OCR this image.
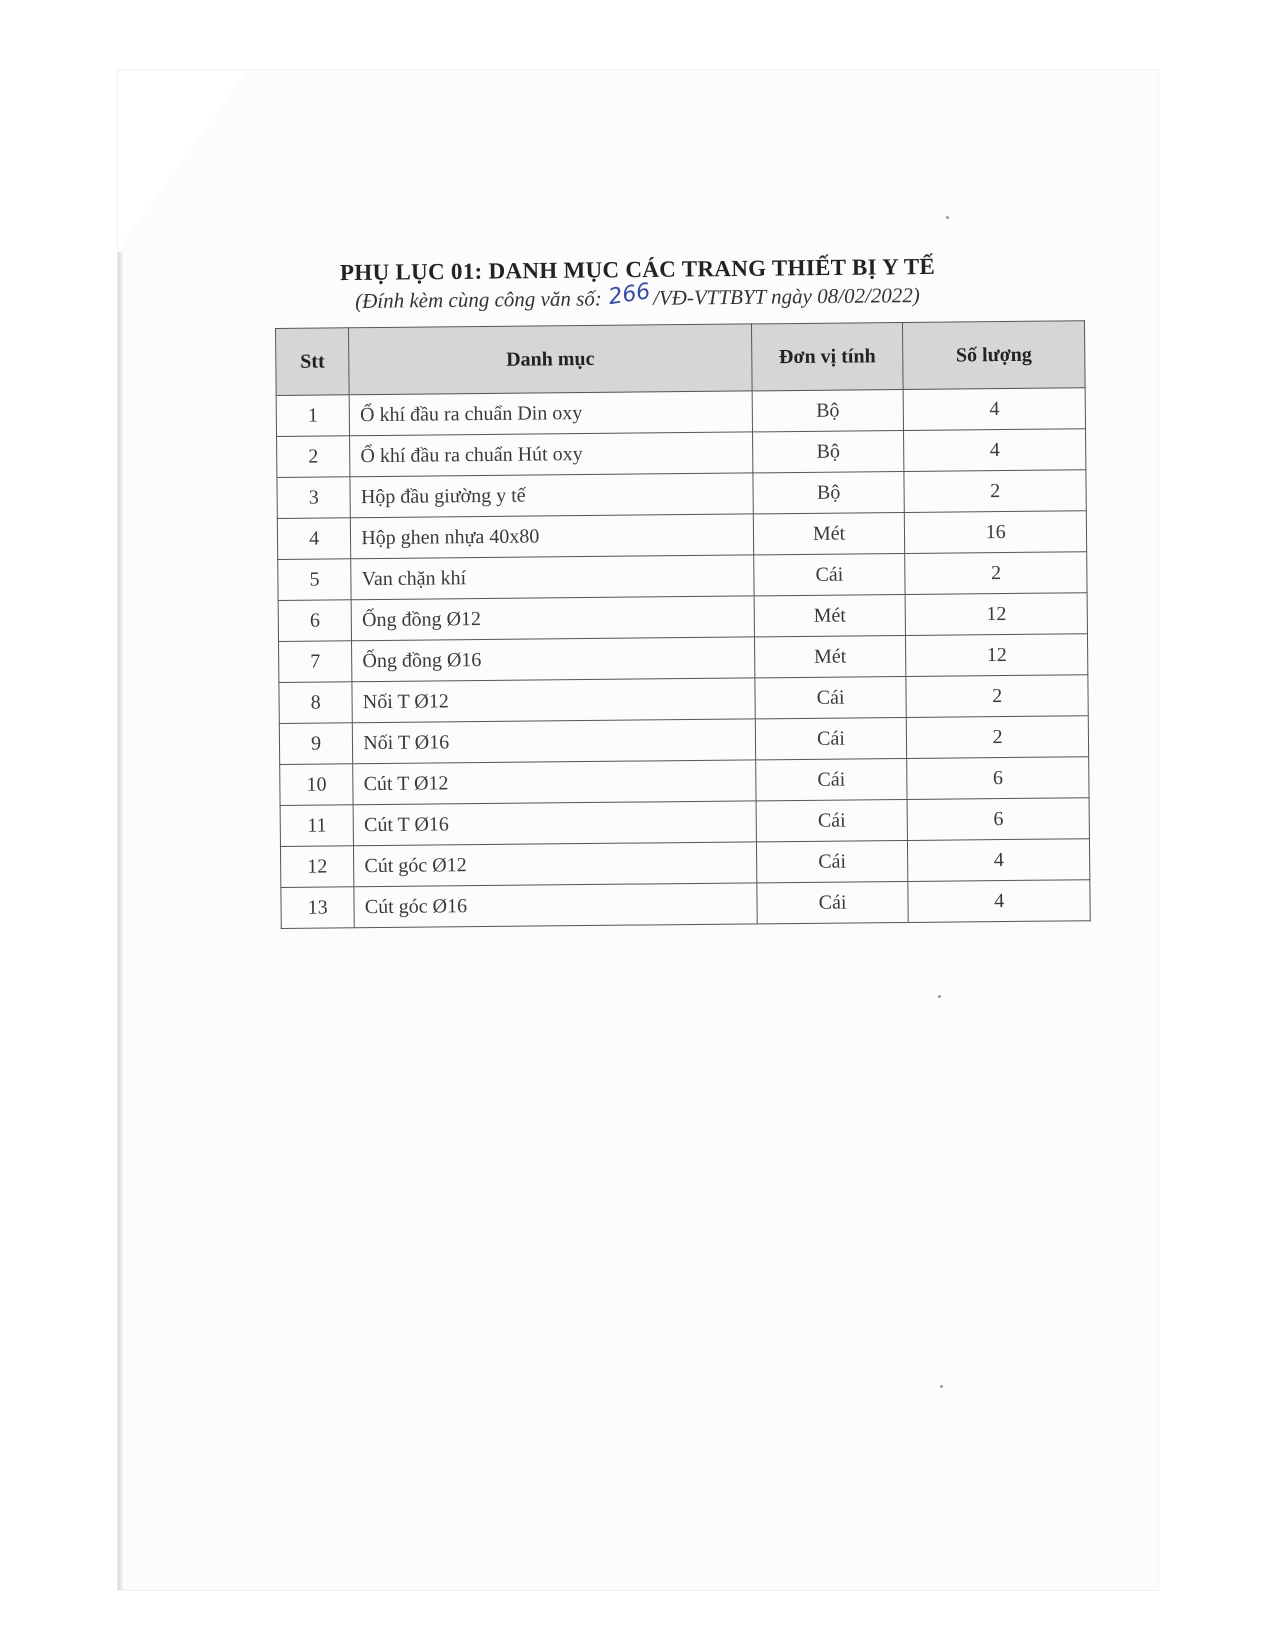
PHỤ LỤC 01: DANH MỤC CÁC TRANG THIẾT BỊ Y TẾ
(Đính kèm cùng công văn số: 266/VĐ-VTTBYT ngày 08/02/2022)
Stt	Danh mục	Đơn vị tính	Số lượng
1	Ổ khí đầu ra chuẩn Din oxy	Bộ	4
2	Ổ khí đầu ra chuẩn Hút oxy	Bộ	4
3	Hộp đầu giường y tế	Bộ	2
4	Hộp ghen nhựa 40x80	Mét	16
5	Van chặn khí	Cái	2
6	Ống đồng Ø12	Mét	12
7	Ống đồng Ø16	Mét	12
8	Nối T Ø12	Cái	2
9	Nối T Ø16	Cái	2
10	Cút T Ø12	Cái	6
11	Cút T Ø16	Cái	6
12	Cút góc Ø12	Cái	4
13	Cút góc Ø16	Cái	4
